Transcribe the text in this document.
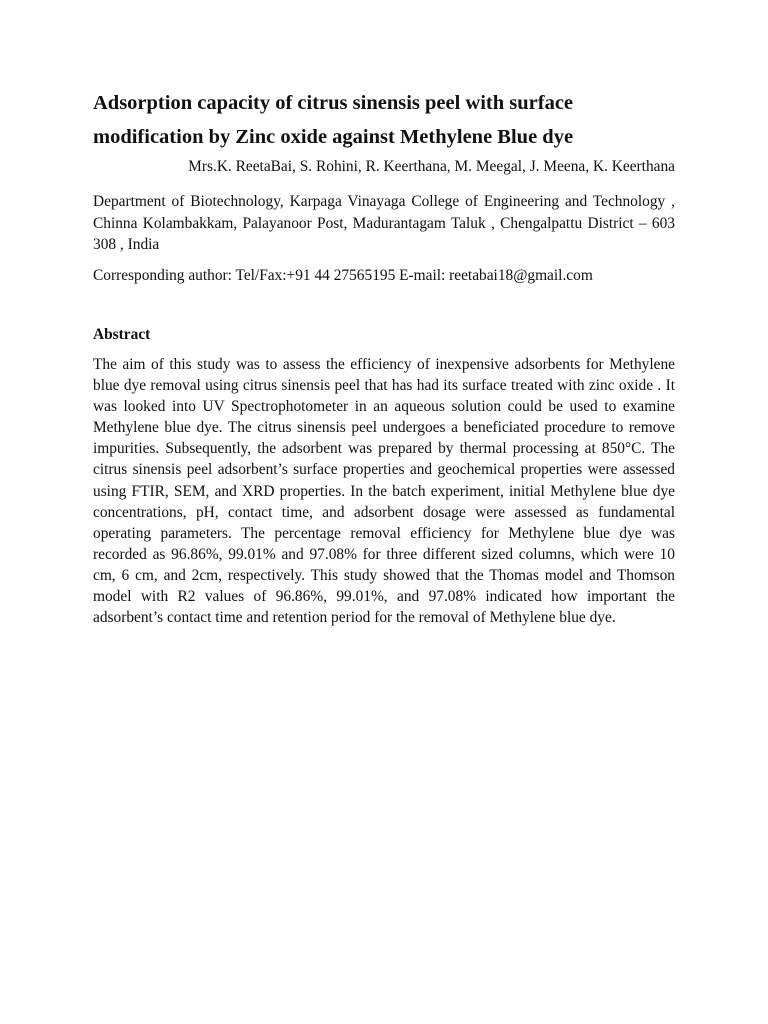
Adsorption capacity of citrus sinensis peel with surface modification by Zinc oxide against Methylene Blue dye

Mrs.K. ReetaBai, S. Rohini, R. Keerthana, M. Meegal, J. Meena, K. Keerthana

Department of Biotechnology, Karpaga Vinayaga College of Engineering and Technology , Chinna Kolambakkam, Palayanoor Post, Madurantagam Taluk , Chengalpattu District – 603 308 , India

Corresponding author: Tel/Fax:+91 44 27565195 E-mail: reetabai18@gmail.com

Abstract

The aim of this study was to assess the efficiency of inexpensive adsorbents for Methylene blue dye removal using citrus sinensis peel that has had its surface treated with zinc oxide . It was looked into UV Spectrophotometer in an aqueous solution could be used to examine Methylene blue dye. The citrus sinensis peel undergoes a beneficiated procedure to remove impurities. Subsequently, the adsorbent was prepared by thermal processing at 850°C. The citrus sinensis peel adsorbent’s surface properties and geochemical properties were assessed using FTIR, SEM, and XRD properties. In the batch experiment, initial Methylene blue dye concentrations, pH, contact time, and adsorbent dosage were assessed as fundamental operating parameters. The percentage removal efficiency for Methylene blue dye was recorded as 96.86%, 99.01% and 97.08% for three different sized columns, which were 10 cm, 6 cm, and 2cm, respectively. This study showed that the Thomas model and Thomson model with R2 values of 96.86%, 99.01%, and 97.08% indicated how important the adsorbent’s contact time and retention period for the removal of Methylene blue dye.
